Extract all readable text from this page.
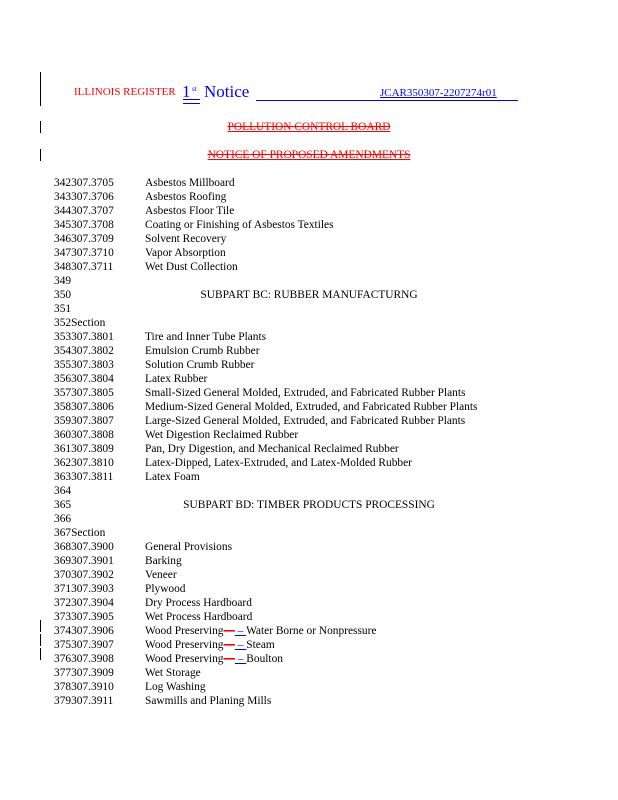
ILLINOIS REGISTER 1 st Notice	JCAR350307-2207274r01
POLLUTION CONTROL BOARD
NOTICE OF PROPOSED AMENDMENTS
342307.3705	Asbestos Millboard
343307.3706	Asbestos Roofing
344307.3707	Asbestos Floor Tile
345307.3708	Coating or Finishing of Asbestos Textiles
346307.3709	Solvent Recovery
347307.3710	Vapor Absorption
348307.3711	Wet Dust Collection
349
350	SUBPART BC: RUBBER MANUFACTURNG
351
352Section
353307.3801	Tire and Inner Tube Plants
354307.3802	Emulsion Crumb Rubber
355307.3803	Solution Crumb Rubber
356307.3804	Latex Rubber
357307.3805	Small-Sized General Molded, Extruded, and Fabricated Rubber Plants
358307.3806	Medium-Sized General Molded, Extruded, and Fabricated Rubber Plants
359307.3807	Large-Sized General Molded, Extruded, and Fabricated Rubber Plants
360307.3808	Wet Digestion Reclaimed Rubber
361307.3809	Pan, Dry Digestion, and Mechanical Reclaimed Rubber
362307.3810	Latex-Dipped, Latex-Extruded, and Latex-Molded Rubber
363307.3811	Latex Foam
364
365	SUBPART BD: TIMBER PRODUCTS PROCESSING
366
367Section
368307.3900	General Provisions
369307.3901	Barking
370307.3902	Veneer
371307.3903	Plywood
372307.3904	Dry Process Hardboard
373307.3905	Wet Process Hardboard
374307.3906	Wood Preserving— – Water Borne or Nonpressure
375307.3907	Wood Preserving— – Steam
376307.3908	Wood Preserving— – Boulton
377307.3909	Wet Storage
378307.3910	Log Washing
379307.3911	Sawmills and Planing Mills
